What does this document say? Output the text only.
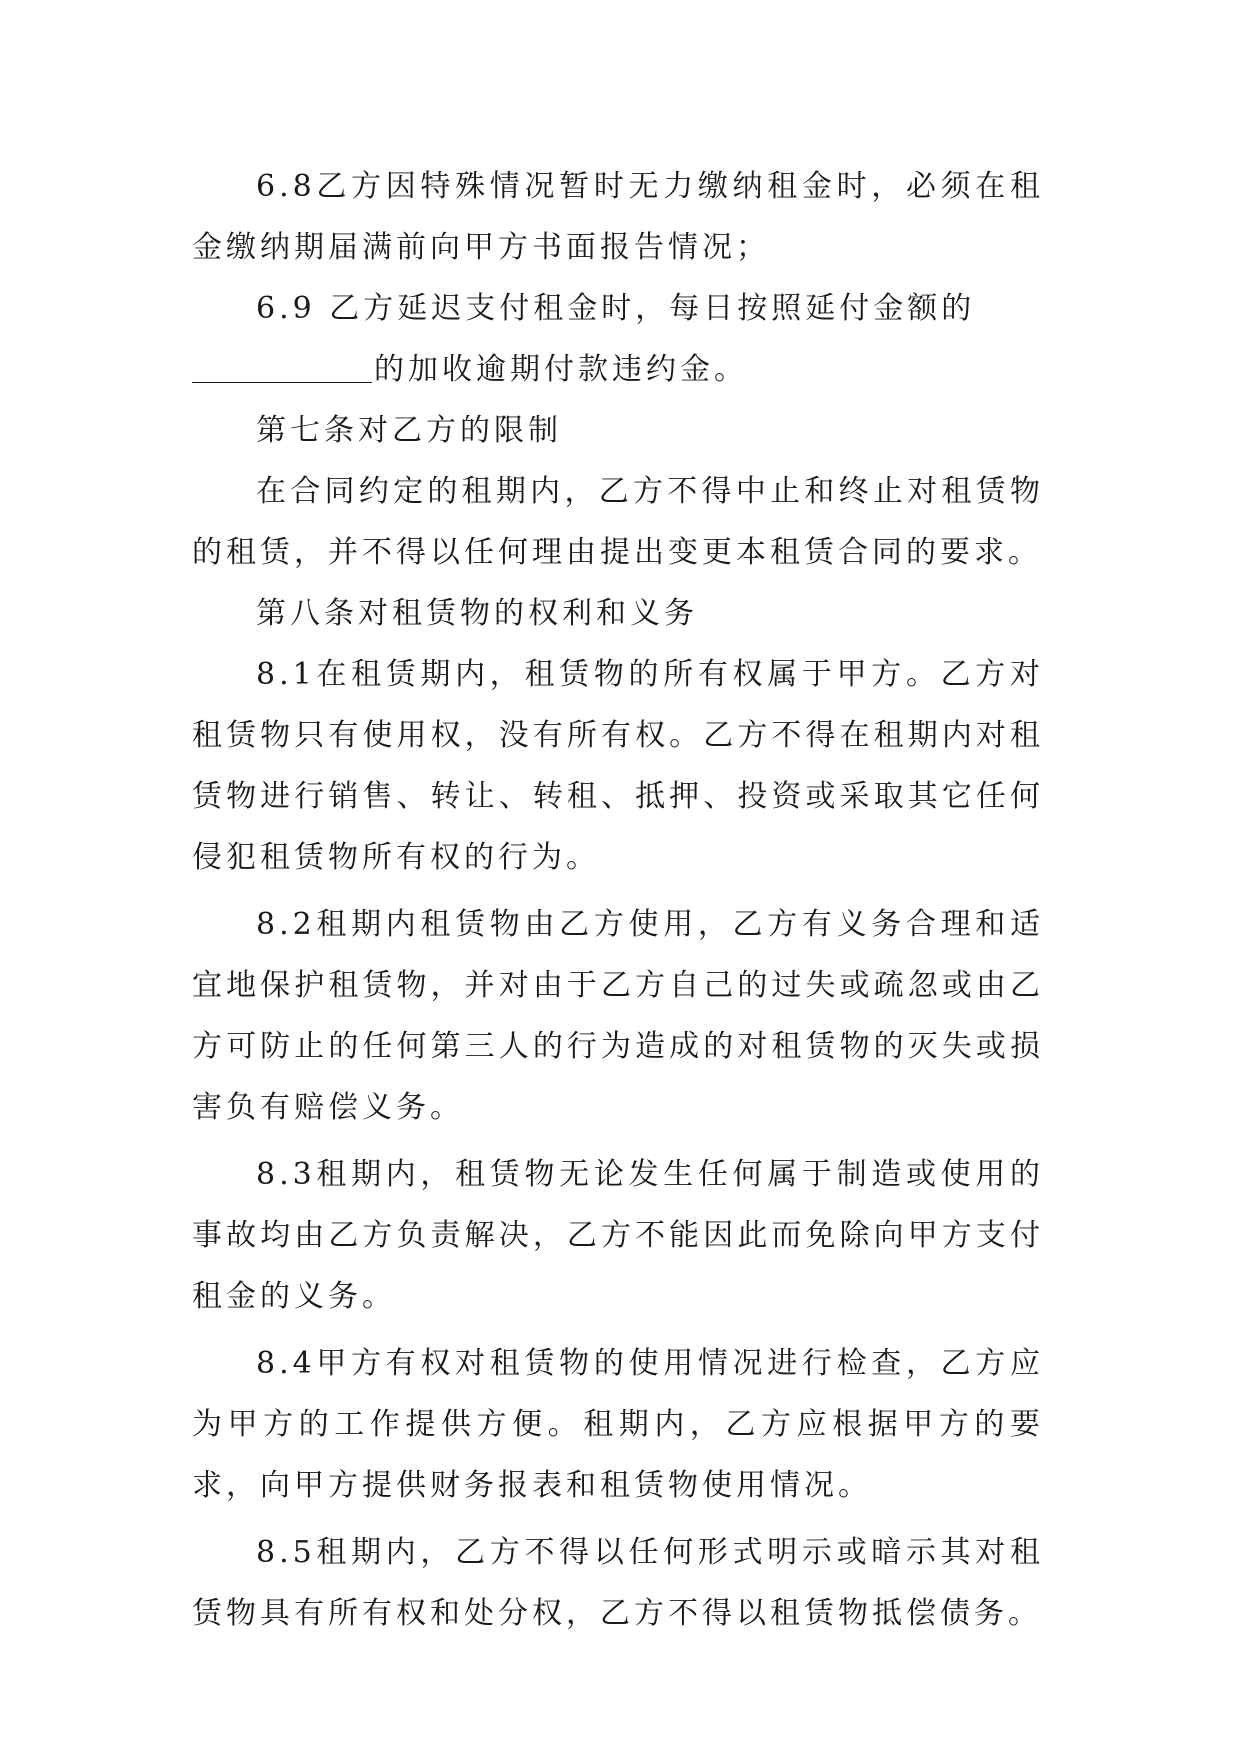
6.8乙方因特殊情况暂时无力缴纳租金时，必须在租金缴纳期届满前向甲方书面报告情况；

6.9 乙方延迟支付租金时，每日按照延付金额的
的加收逾期付款违约金。

第七条对乙方的限制

在合同约定的租期内，乙方不得中止和终止对租赁物的租赁，并不得以任何理由提出变更本租赁合同的要求。

第八条对租赁物的权利和义务

8.1在租赁期内，租赁物的所有权属于甲方。乙方对租赁物只有使用权，没有所有权。乙方不得在租期内对租赁物进行销售、转让、转租、抵押、投资或采取其它任何侵犯租赁物所有权的行为。

8.2租期内租赁物由乙方使用，乙方有义务合理和适宜地保护租赁物，并对由于乙方自己的过失或疏忽或由乙方可防止的任何第三人的行为造成的对租赁物的灭失或损害负有赔偿义务。

8.3租期内，租赁物无论发生任何属于制造或使用的事故均由乙方负责解决，乙方不能因此而免除向甲方支付租金的义务。

8.4甲方有权对租赁物的使用情况进行检查，乙方应为甲方的工作提供方便。租期内，乙方应根据甲方的要求，向甲方提供财务报表和租赁物使用情况。

8.5租期内，乙方不得以任何形式明示或暗示其对租赁物具有所有权和处分权，乙方不得以租赁物抵偿债务。
